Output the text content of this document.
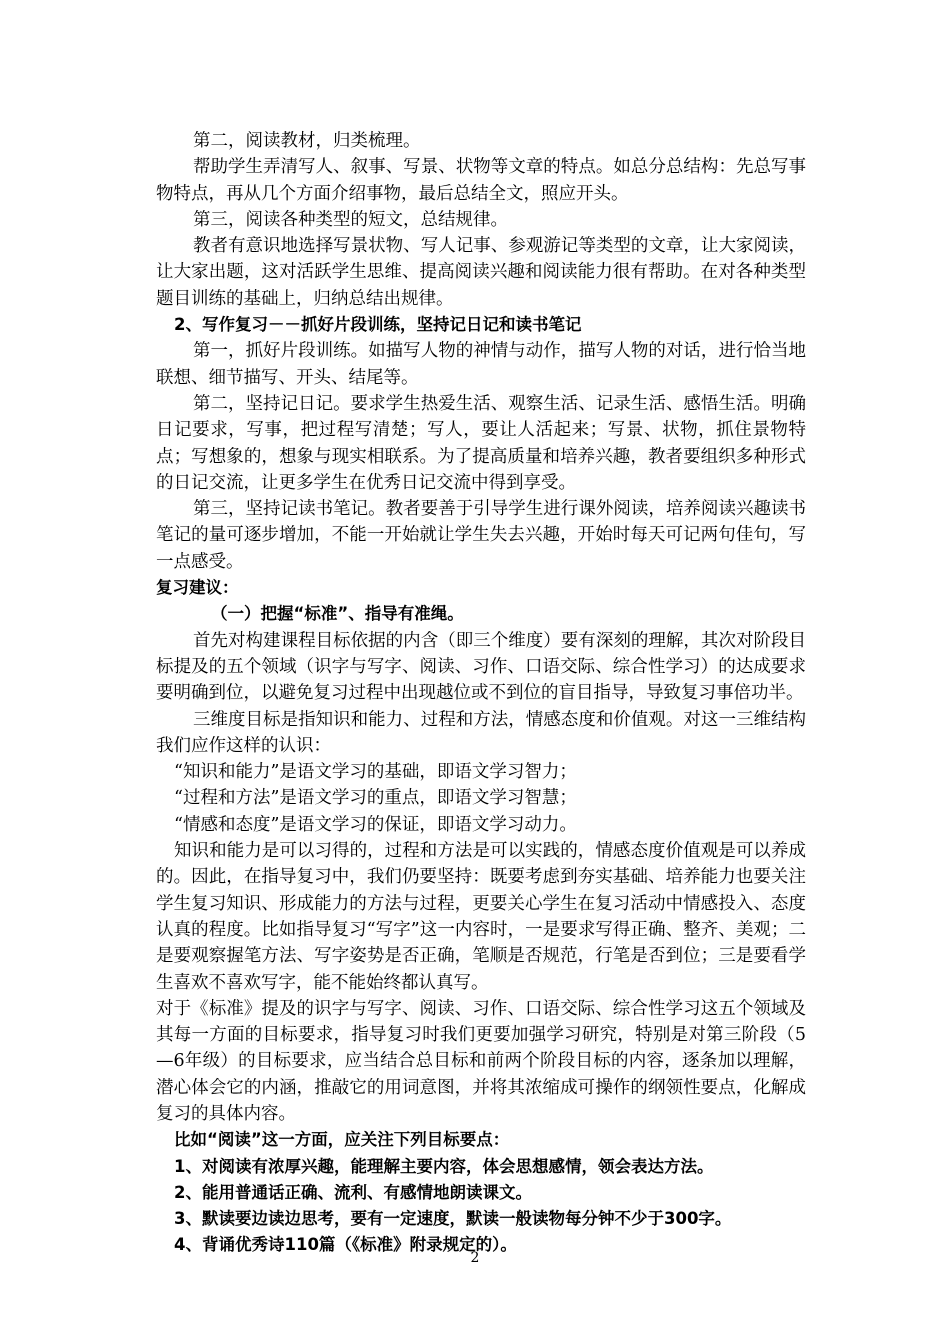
第二，阅读教材，归类梳理。

帮助学生弄清写人、叙事、写景、状物等文章的特点。如总分总结构：先总写事物特点，再从几个方面介绍事物，最后总结全文，照应开头。

第三，阅读各种类型的短文，总结规律。

教者有意识地选择写景状物、写人记事、参观游记等类型的文章，让大家阅读，让大家出题，这对活跃学生思维、提高阅读兴趣和阅读能力很有帮助。在对各种类型题目训练的基础上，归纳总结出规律。

2、写作复习－－抓好片段训练，坚持记日记和读书笔记

第一，抓好片段训练。如描写人物的神情与动作，描写人物的对话，进行恰当地联想、细节描写、开头、结尾等。

第二，坚持记日记。要求学生热爱生活、观察生活、记录生活、感悟生活。明确日记要求，写事，把过程写清楚；写人，要让人活起来；写景、状物，抓住景物特点；写想象的，想象与现实相联系。为了提高质量和培养兴趣，教者要组织多种形式的日记交流，让更多学生在优秀日记交流中得到享受。

第三，坚持记读书笔记。教者要善于引导学生进行课外阅读，培养阅读兴趣读书笔记的量可逐步增加，不能一开始就让学生失去兴趣，开始时每天可记两句佳句，写一点感受。

复习建议：

（一）把握“标准”、指导有准绳。

首先对构建课程目标依据的内含（即三个维度）要有深刻的理解，其次对阶段目标提及的五个领域（识字与写字、阅读、习作、口语交际、综合性学习）的达成要求要明确到位，以避免复习过程中出现越位或不到位的盲目指导，导致复习事倍功半。

三维度目标是指知识和能力、过程和方法，情感态度和价值观。对这一三维结构我们应作这样的认识：

“知识和能力”是语文学习的基础，即语文学习智力；

“过程和方法”是语文学习的重点，即语文学习智慧；

“情感和态度”是语文学习的保证，即语文学习动力。

知识和能力是可以习得的，过程和方法是可以实践的，情感态度价值观是可以养成的。因此，在指导复习中，我们仍要坚持：既要考虑到夯实基础、培养能力也要关注学生复习知识、形成能力的方法与过程，更要关心学生在复习活动中情感投入、态度认真的程度。比如指导复习“写字”这一内容时，一是要求写得正确、整齐、美观；二是要观察握笔方法、写字姿势是否正确，笔顺是否规范，行笔是否到位；三是要看学生喜欢不喜欢写字，能不能始终都认真写。

对于《标准》提及的识字与写字、阅读、习作、口语交际、综合性学习这五个领域及其每一方面的目标要求，指导复习时我们更要加强学习研究，特别是对第三阶段（5—6年级）的目标要求，应当结合总目标和前两个阶段目标的内容，逐条加以理解，潜心体会它的内涵，推敲它的用词意图，并将其浓缩成可操作的纲领性要点，化解成复习的具体内容。

比如“阅读”这一方面，应关注下列目标要点：

1、对阅读有浓厚兴趣，能理解主要内容，体会思想感情，领会表达方法。

2、能用普通话正确、流利、有感情地朗读课文。

3、默读要边读边思考，要有一定速度，默读一般读物每分钟不少于300字。

4、背诵优秀诗110篇（《标准》附录规定的）。

2
